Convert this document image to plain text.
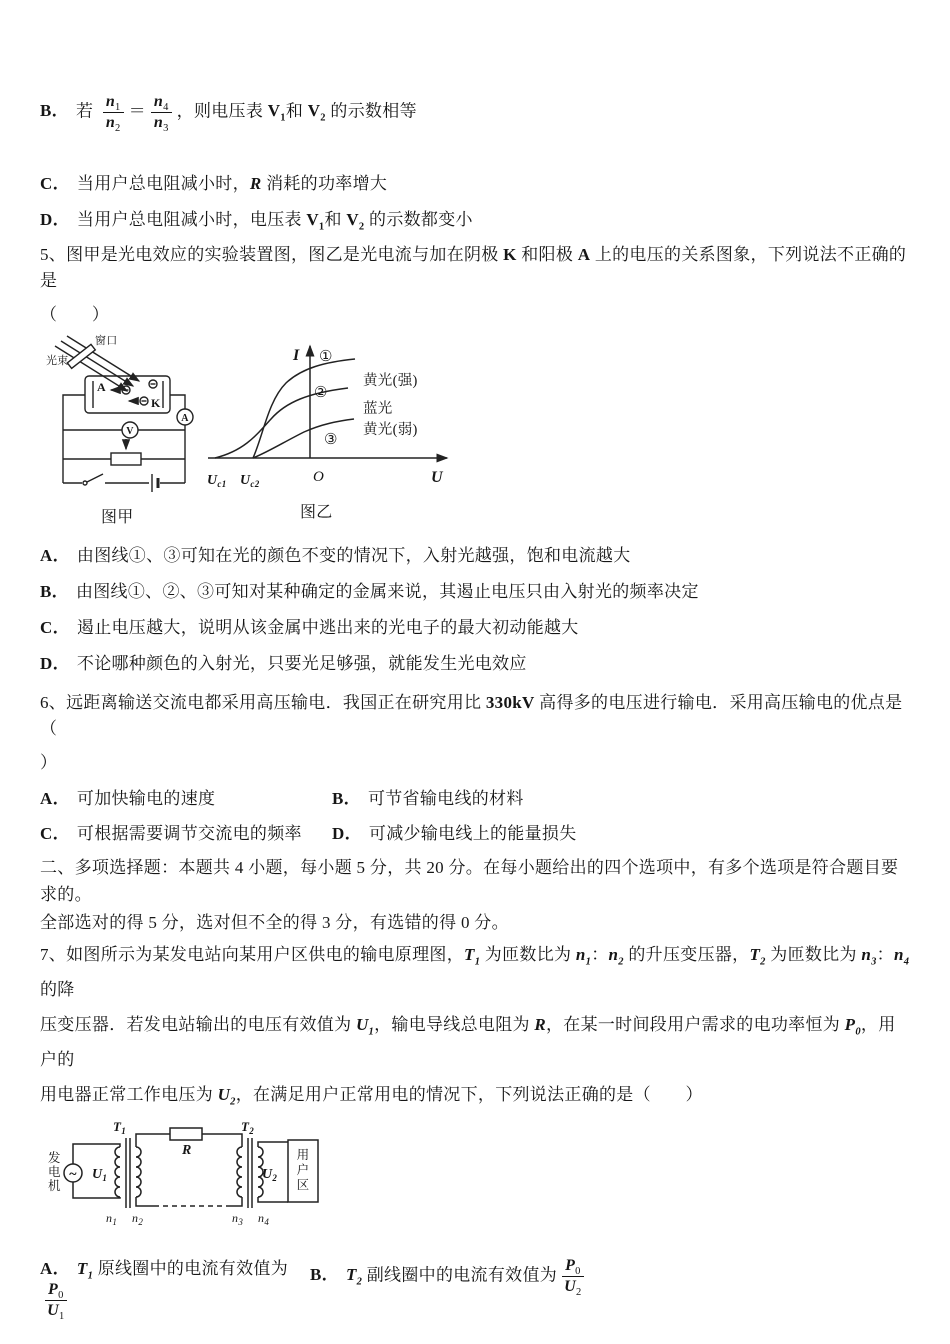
B． 若 $\frac{n_1}{n_2} = \frac{n_4}{n_3}$ ，则电压表 $V_1$和 $V_2$ 的示数相等
C． 当用户总电阻减小时，R 消耗的功率增大
D． 当用户总电阻减小时，电压表 $V_1$和 $V_2$ 的示数都变小
5、图甲是光电效应的实验装置图，图乙是光电流与加在阴极 K 和阳极 A 上的电压的关系图象，下列说法不正确的是
（　　）
窗口
光束
A
K
A
V
图甲
I
U
O
$U_{c1}$ $U_{c2}$
①
②
③
黄光(强)
蓝光
黄光(弱)
图乙
A． 由图线①、③可知在光的颜色不变的情况下，入射光越强，饱和电流越大
B． 由图线①、②、③可知对某种确定的金属来说，其遏止电压只由入射光的频率决定
C． 遏止电压越大，说明从该金属中逃出来的光电子的最大初动能越大
D． 不论哪种颜色的入射光，只要光足够强，就能发生光电效应
6、远距离输送交流电都采用高压输电．我国正在研究用比 330kV 高得多的电压进行输电．采用高压输电的优点是（
）
A． 可加快输电的速度	B． 可节省输电线的材料
C． 可根据需要调节交流电的频率	D． 可减少输电线上的能量损失
二、多项选择题：本题共 4 小题，每小题 5 分，共 20 分。在每小题给出的四个选项中，有多个选项是符合题目要求的。
全部选对的得 5 分，选对但不全的得 3 分，有选错的得 0 分。
7、如图所示为某发电站向某用户区供电的输电原理图，$T_1$ 为匝数比为 $n_1$：$n_2$ 的升压变压器，$T_2$ 为匝数比为 $n_3$：$n_4$ 的降
压变压器．若发电站输出的电压有效值为 $U_1$，输电导线总电阻为 R，在某一时间段用户需求的电功率恒为 $P_0$，用户的
用电器正常工作电压为 $U_2$，在满足用户正常用电的情况下，下列说法正确的是（　　）
发
电
机
~ $U_1$
$T_1$	$T_2$
R
$U_2$
$n_1$ $n_2$	$n_3$ $n_4$
用
户
区
A． $T_1$ 原线圈中的电流有效值为
$\frac{P_0}{U_1}$
B． $T_2$ 副线圈中的电流有效值为 $\frac{P_0}{U_2}$
